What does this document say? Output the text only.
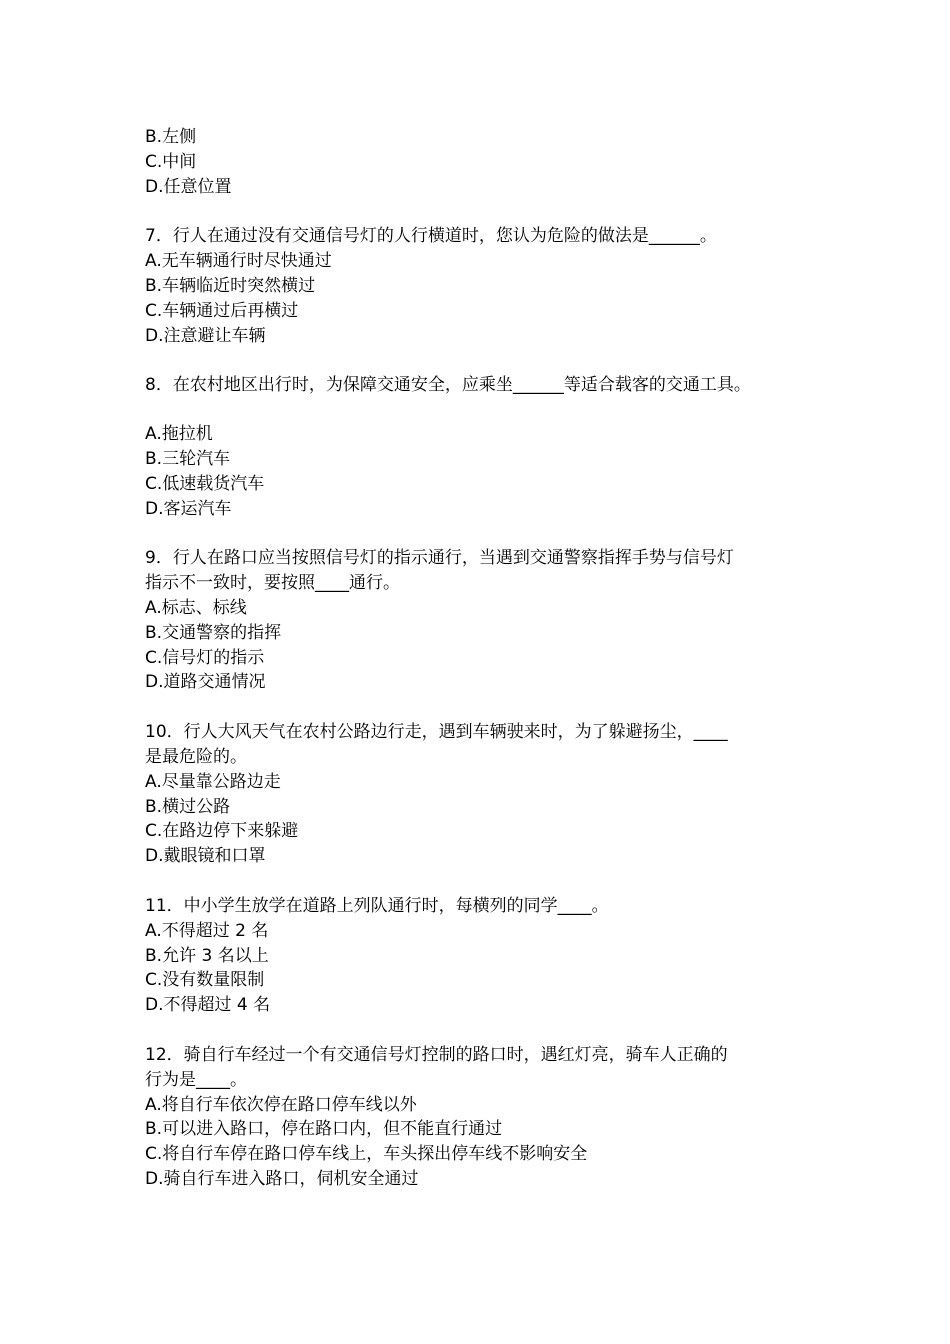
B.左侧
C.中间
D.任意位置
7．行人在通过没有交通信号灯的人行横道时，您认为危险的做法是______。
A.无车辆通行时尽快通过
B.车辆临近时突然横过
C.车辆通过后再横过
D.注意避让车辆
8．在农村地区出行时，为保障交通安全，应乘坐______等适合载客的交通工具。
A.拖拉机
B.三轮汽车
C.低速载货汽车
D.客运汽车
9．行人在路口应当按照信号灯的指示通行，当遇到交通警察指挥手势与信号灯
指示不一致时，要按照____通行。
A.标志、标线
B.交通警察的指挥
C.信号灯的指示
D.道路交通情况
10．行人大风天气在农村公路边行走，遇到车辆驶来时，为了躲避扬尘，____
是最危险的。
A.尽量靠公路边走
B.横过公路
C.在路边停下来躲避
D.戴眼镜和口罩
11．中小学生放学在道路上列队通行时，每横列的同学____。
A.不得超过 2 名
B.允许 3 名以上
C.没有数量限制
D.不得超过 4 名
12．骑自行车经过一个有交通信号灯控制的路口时，遇红灯亮，骑车人正确的
行为是____。
A.将自行车依次停在路口停车线以外
B.可以进入路口，停在路口内，但不能直行通过
C.将自行车停在路口停车线上，车头探出停车线不影响安全
D.骑自行车进入路口，伺机安全通过
